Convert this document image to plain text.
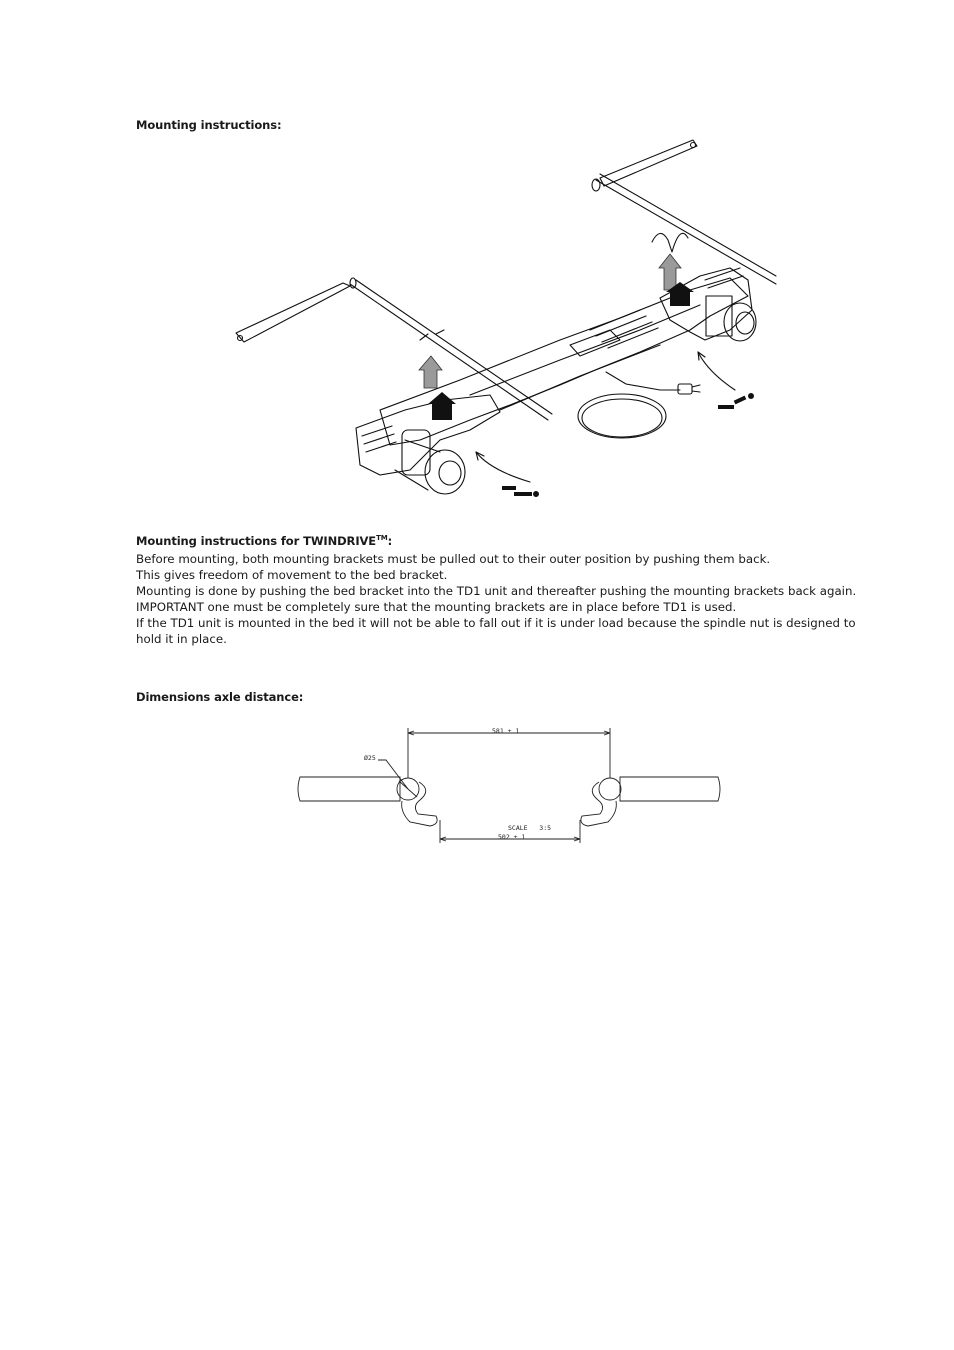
Mounting instructions:
Mounting instructions for TWINDRIVE™:

Before mounting, both mounting brackets must be pulled out to their outer position by pushing them back.

This gives freedom of movement to the bed bracket.

Mounting is done by pushing the bed bracket into the TD1 unit and thereafter pushing the mounting brackets back again.

IMPORTANT one must be completely sure that the mounting brackets are in place before TD1 is used.

If the TD1 unit is mounted in the bed it will not be able to fall out if it is under load because the spindle nut is designed to hold it in place.

Dimensions axle distance:
581 ± 1
Ø25
SCALE   3:5
502 ± 1
